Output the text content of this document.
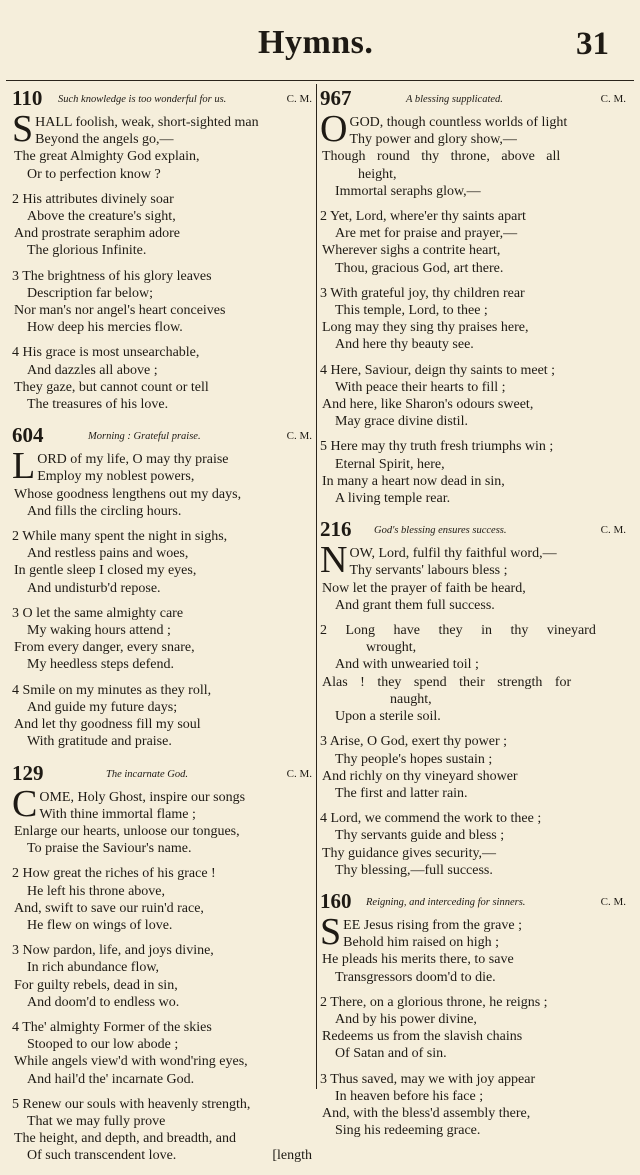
Hymns.	31
110 Such knowledge is too wonderful for us.	C. M.
S HALL foolish, weak, short-sighted man
Beyond the angels go,—
The great Almighty God explain,
Or to perfection know ?
2 His attributes divinely soar
Above the creature's sight,
And prostrate seraphim adore
The glorious Infinite.
3 The brightness of his glory leaves
Description far below;
Nor man's nor angel's heart conceives
How deep his mercies flow.
4 His grace is most unsearchable,
And dazzles all above ;
They gaze, but cannot count or tell
The treasures of his love.
604	Morning : Grateful praise.	C. M.
L ORD of my life, O may thy praise
Employ my noblest powers,
Whose goodness lengthens out my days,
And fills the circling hours.
2 While many spent the night in sighs,
And restless pains and woes,
In gentle sleep I closed my eyes,
And undisturb'd repose.
3 O let the same almighty care
My waking hours attend ;
From every danger, every snare,
My heedless steps defend.
4 Smile on my minutes as they roll,
And guide my future days;
And let thy goodness fill my soul
With gratitude and praise.
129	The incarnate God.	C. M.
C OME, Holy Ghost, inspire our songs
With thine immortal flame ;
Enlarge our hearts, unloose our tongues,
To praise the Saviour's name.
2 How great the riches of his grace !
He left his throne above,
And, swift to save our ruin'd race,
He flew on wings of love.
3 Now pardon, life, and joys divine,
In rich abundance flow,
For guilty rebels, dead in sin,
And doom'd to endless wo.
4 The' almighty Former of the skies
Stooped to our low abode ;
While angels view'd with wond'ring eyes,
And hail'd the' incarnate God.
5 Renew our souls with heavenly strength,
That we may fully prove
The height, and depth, and breadth, and
Of such transcendent love.	[length
967	A blessing supplicated.	C. M.
O GOD, though countless worlds of light
Thy power and glory show,—
Though round thy throne, above all
height,
Immortal seraphs glow,—
2 Yet, Lord, where'er thy saints apart
Are met for praise and prayer,—
Wherever sighs a contrite heart,
Thou, gracious God, art there.
3 With grateful joy, thy children rear
This temple, Lord, to thee ;
Long may they sing thy praises here,
And here thy beauty see.
4 Here, Saviour, deign thy saints to meet ;
With peace their hearts to fill ;
And here, like Sharon's odours sweet,
May grace divine distil.
5 Here may thy truth fresh triumphs win ;
Eternal Spirit, here,
In many a heart now dead in sin,
A living temple rear.
216 God's blessing ensures success.	C. M.
N OW, Lord, fulfil thy faithful word,—
Thy servants' labours bless ;
Now let the prayer of faith be heard,
And grant them full success.
2 Long have they in thy vineyard
wrought,
And with unwearied toil ;
Alas ! they spend their strength for
naught,
Upon a sterile soil.
3 Arise, O God, exert thy power ;
Thy people's hopes sustain ;
And richly on thy vineyard shower
The first and latter rain.
4 Lord, we commend the work to thee ;
Thy servants guide and bless ;
Thy guidance gives security,—
Thy blessing,—full success.
160 Reigning, and interceding for sinners.	C. M.
S EE Jesus rising from the grave ;
Behold him raised on high ;
He pleads his merits there, to save
Transgressors doom'd to die.
2 There, on a glorious throne, he reigns ;
And by his power divine,
Redeems us from the slavish chains
Of Satan and of sin.
3 Thus saved, may we with joy appear
In heaven before his face ;
And, with the bless'd assembly there,
Sing his redeeming grace.
